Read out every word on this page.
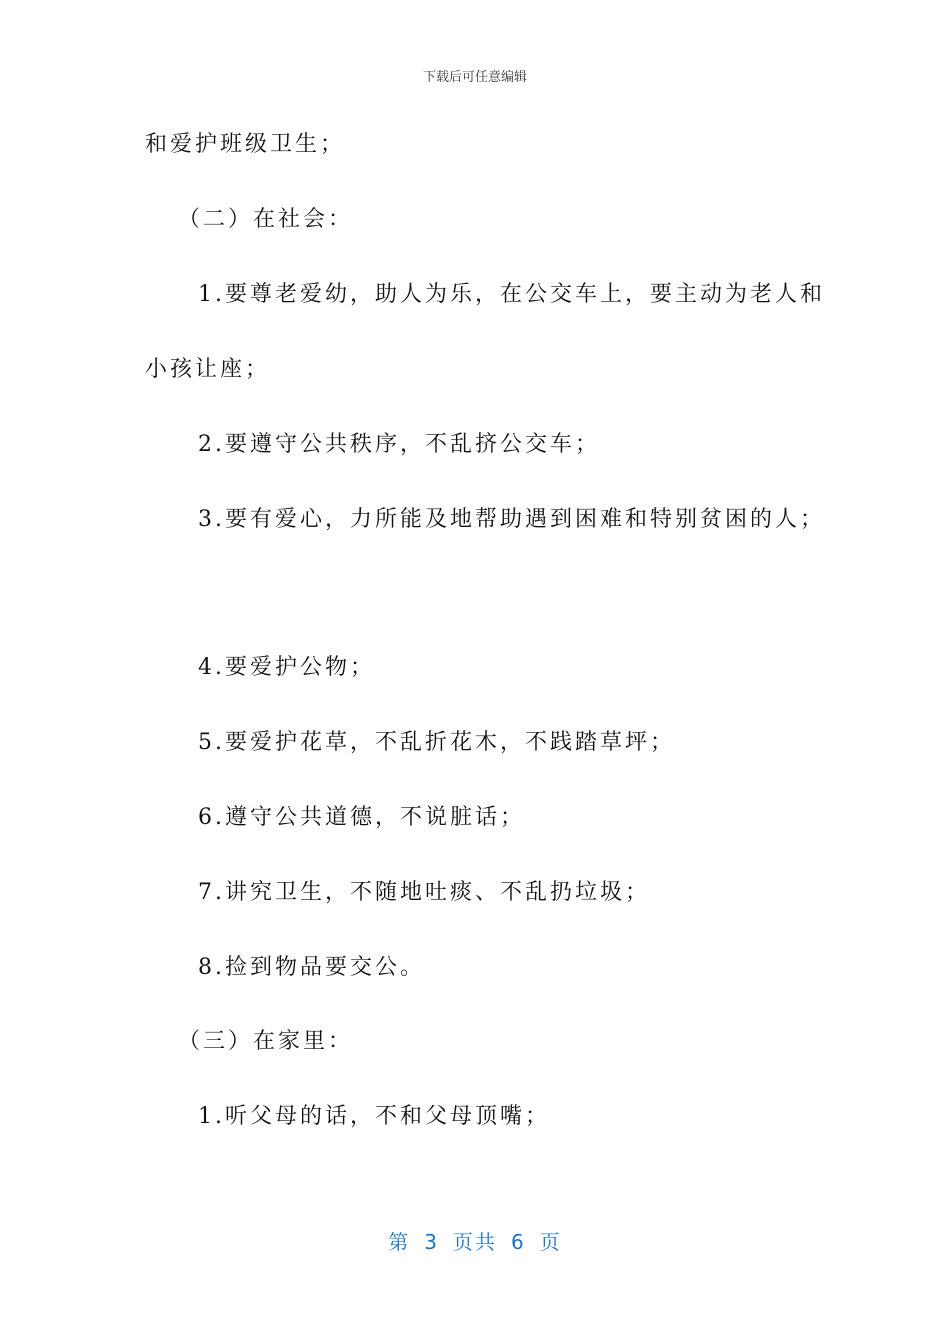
下载后可任意编辑
和爱护班级卫生；
（二）在社会：
1.要尊老爱幼，助人为乐，在公交车上，要主动为老人和
小孩让座；
2.要遵守公共秩序，不乱挤公交车；
3.要有爱心，力所能及地帮助遇到困难和特别贫困的人；
4.要爱护公物；
5.要爱护花草，不乱折花木，不践踏草坪；
6.遵守公共道德，不说脏话；
7.讲究卫生，不随地吐痰、不乱扔垃圾；
8.捡到物品要交公。
（三）在家里：
1.听父母的话，不和父母顶嘴；
第 3 页共 6 页
